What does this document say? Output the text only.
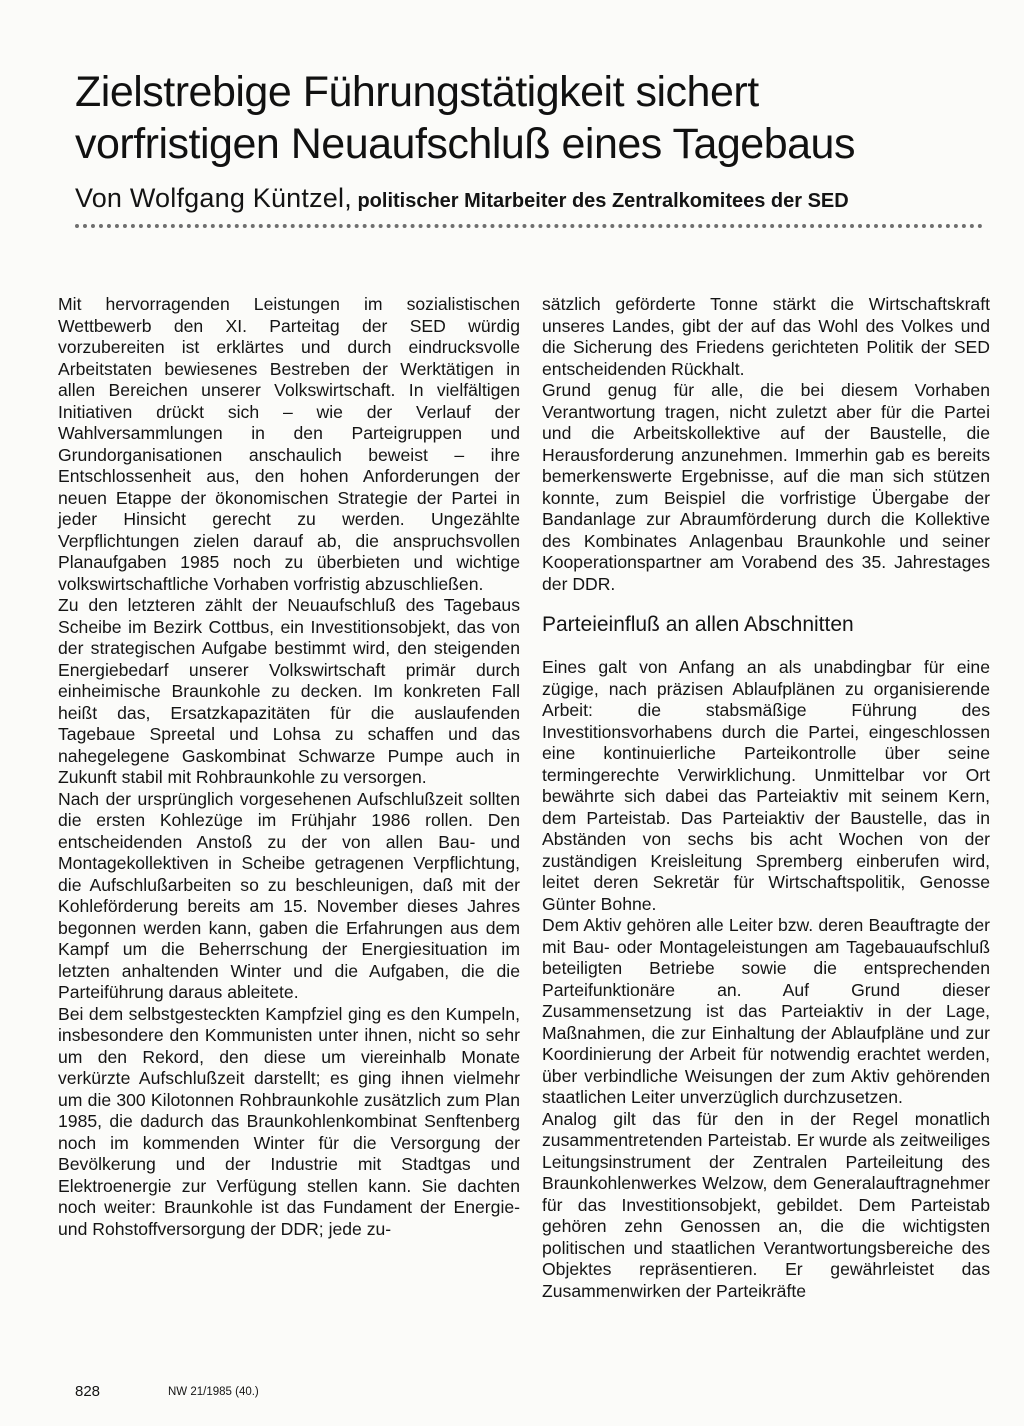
Zielstrebige Führungstätigkeit sichert
vorfristigen Neuaufschluß eines Tagebaus

Von Wolfgang Küntzel, politischer Mitarbeiter des Zentralkomitees der SED

Mit hervorragenden Leistungen im sozialistischen Wettbewerb den XI. Parteitag der SED würdig vorzubereiten ist erklärtes und durch eindrucksvolle Arbeitstaten bewiesenes Bestreben der Werktätigen in allen Bereichen unserer Volkswirtschaft. In vielfältigen Initiativen drückt sich – wie der Verlauf der Wahlversammlungen in den Parteigruppen und Grundorganisationen anschaulich beweist – ihre Entschlossenheit aus, den hohen Anforderungen der neuen Etappe der ökonomischen Strategie der Partei in jeder Hinsicht gerecht zu werden. Ungezählte Verpflichtungen zielen darauf ab, die anspruchsvollen Planaufgaben 1985 noch zu überbieten und wichtige volkswirtschaftliche Vorhaben vorfristig abzuschließen.

Zu den letzteren zählt der Neuaufschluß des Tagebaus Scheibe im Bezirk Cottbus, ein Investitionsobjekt, das von der strategischen Aufgabe bestimmt wird, den steigenden Energiebedarf unserer Volkswirtschaft primär durch einheimische Braunkohle zu decken. Im konkreten Fall heißt das, Ersatzkapazitäten für die auslaufenden Tagebaue Spreetal und Lohsa zu schaffen und das nahegelegene Gaskombinat Schwarze Pumpe auch in Zukunft stabil mit Rohbraunkohle zu versorgen.

Nach der ursprünglich vorgesehenen Aufschlußzeit sollten die ersten Kohlezüge im Frühjahr 1986 rollen. Den entscheidenden Anstoß zu der von allen Bau- und Montagekollektiven in Scheibe getragenen Verpflichtung, die Aufschlußarbeiten so zu beschleunigen, daß mit der Kohleförderung bereits am 15. November dieses Jahres begonnen werden kann, gaben die Erfahrungen aus dem Kampf um die Beherrschung der Energiesituation im letzten anhaltenden Winter und die Aufgaben, die die Parteiführung daraus ableitete.

Bei dem selbstgesteckten Kampfziel ging es den Kumpeln, insbesondere den Kommunisten unter ihnen, nicht so sehr um den Rekord, den diese um viereinhalb Monate verkürzte Aufschlußzeit darstellt; es ging ihnen vielmehr um die 300 Kilotonnen Rohbraunkohle zusätzlich zum Plan 1985, die dadurch das Braunkohlenkombinat Senftenberg noch im kommenden Winter für die Versorgung der Bevölkerung und der Industrie mit Stadtgas und Elektroenergie zur Verfügung stellen kann. Sie dachten noch weiter: Braunkohle ist das Fundament der Energie- und Rohstoffversorgung der DDR; jede zu-

sätzlich geförderte Tonne stärkt die Wirtschaftskraft unseres Landes, gibt der auf das Wohl des Volkes und die Sicherung des Friedens gerichteten Politik der SED entscheidenden Rückhalt.

Grund genug für alle, die bei diesem Vorhaben Verantwortung tragen, nicht zuletzt aber für die Partei und die Arbeitskollektive auf der Baustelle, die Herausforderung anzunehmen. Immerhin gab es bereits bemerkenswerte Ergebnisse, auf die man sich stützen konnte, zum Beispiel die vorfristige Übergabe der Bandanlage zur Abraumförderung durch die Kollektive des Kombinates Anlagenbau Braunkohle und seiner Kooperationspartner am Vorabend des 35. Jahrestages der DDR.

Parteieinfluß an allen Abschnitten

Eines galt von Anfang an als unabdingbar für eine zügige, nach präzisen Ablaufplänen zu organisierende Arbeit: die stabsmäßige Führung des Investitionsvorhabens durch die Partei, eingeschlossen eine kontinuierliche Parteikontrolle über seine termingerechte Verwirklichung. Unmittelbar vor Ort bewährte sich dabei das Parteiaktiv mit seinem Kern, dem Parteistab. Das Parteiaktiv der Baustelle, das in Abständen von sechs bis acht Wochen von der zuständigen Kreisleitung Spremberg einberufen wird, leitet deren Sekretär für Wirtschaftspolitik, Genosse Günter Bohne.

Dem Aktiv gehören alle Leiter bzw. deren Beauftragte der mit Bau- oder Montageleistungen am Tagebauaufschluß beteiligten Betriebe sowie die entsprechenden Parteifunktionäre an. Auf Grund dieser Zusammensetzung ist das Parteiaktiv in der Lage, Maßnahmen, die zur Einhaltung der Ablaufpläne und zur Koordinierung der Arbeit für notwendig erachtet werden, über verbindliche Weisungen der zum Aktiv gehörenden staatlichen Leiter unverzüglich durchzusetzen.

Analog gilt das für den in der Regel monatlich zusammentretenden Parteistab. Er wurde als zeitweiliges Leitungsinstrument der Zentralen Parteileitung des Braunkohlenwerkes Welzow, dem Generalauftragnehmer für das Investitionsobjekt, gebildet. Dem Parteistab gehören zehn Genossen an, die die wichtigsten politischen und staatlichen Verantwortungsbereiche des Objektes repräsentieren. Er gewährleistet das Zusammenwirken der Parteikräfte

828	NW 21/1985 (40.)
